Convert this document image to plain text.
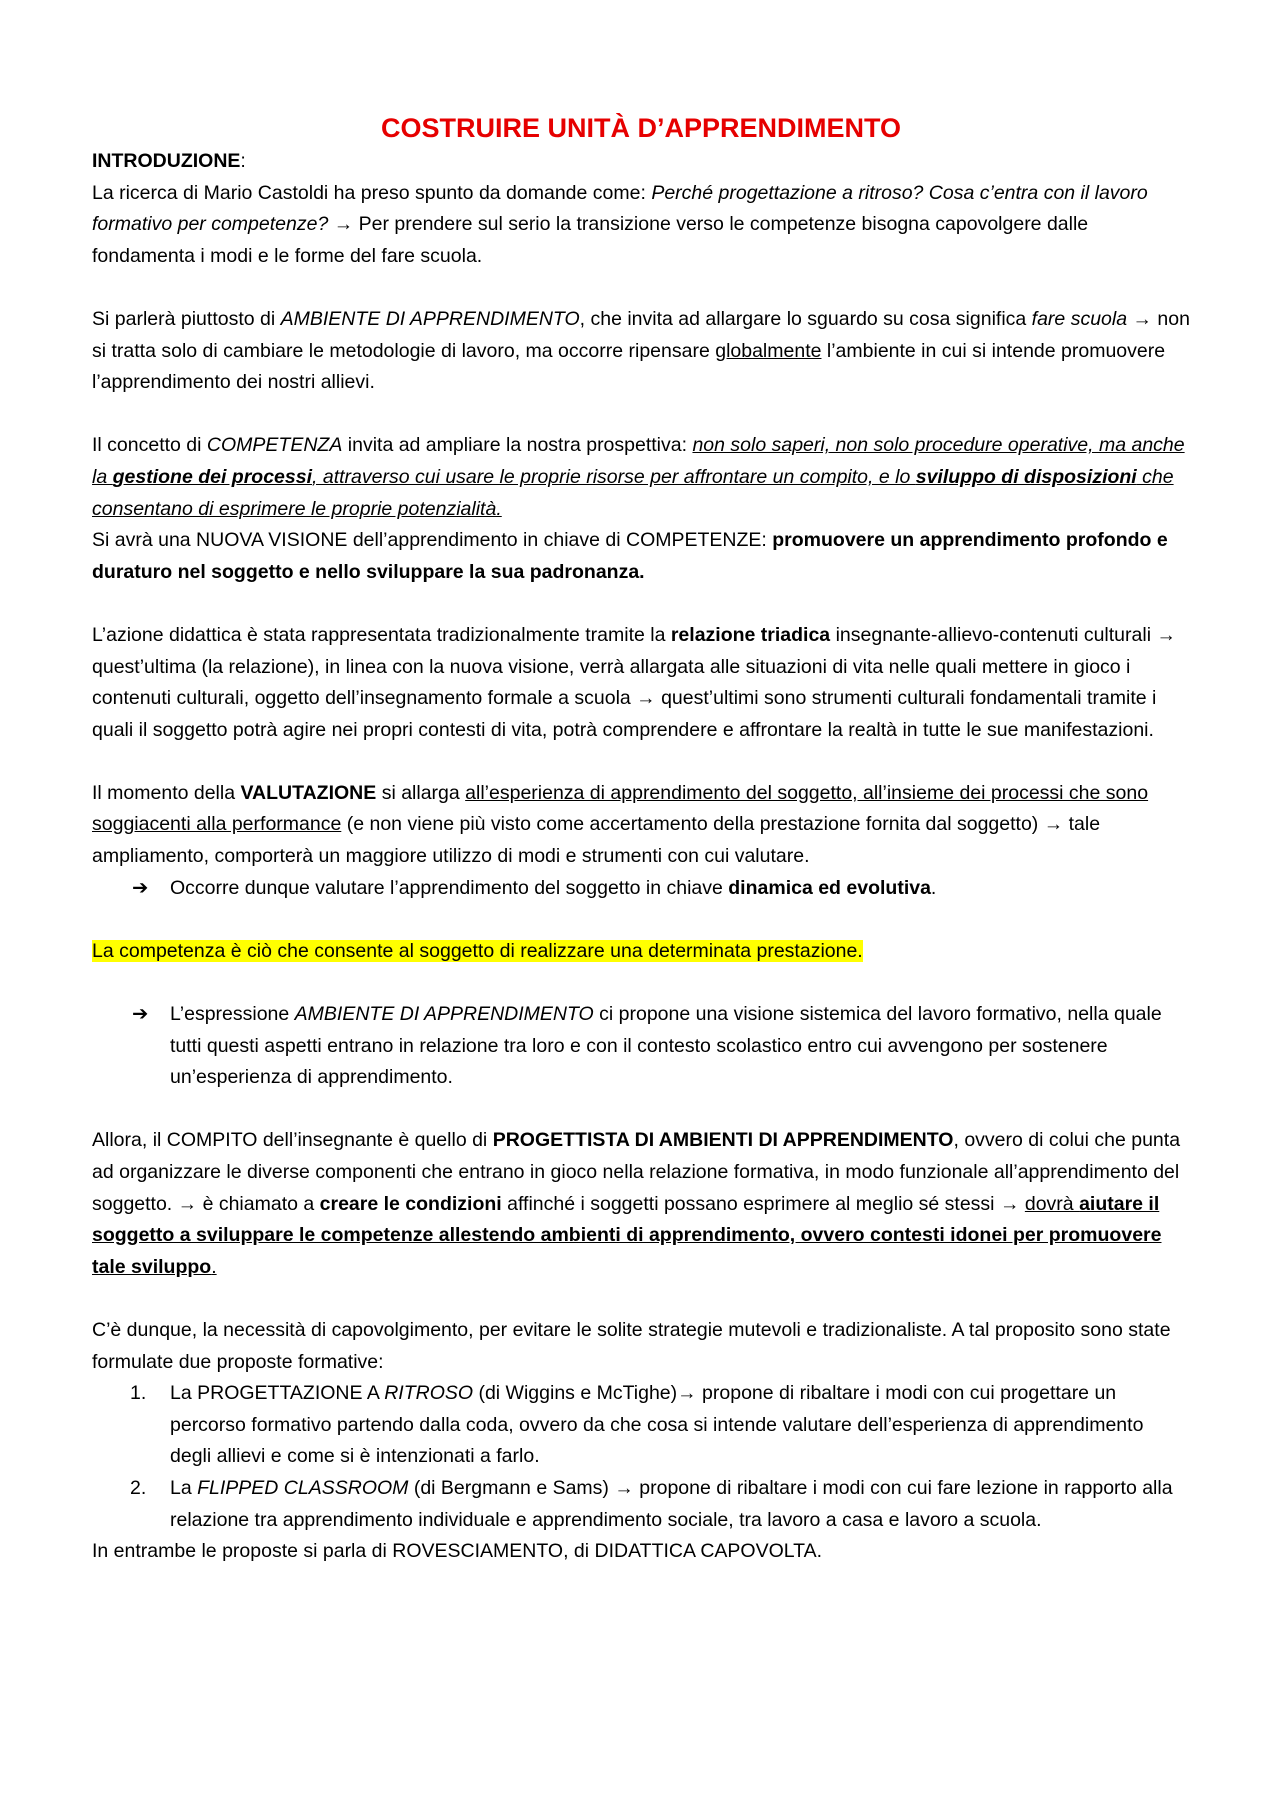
COSTRUIRE UNITÀ D’APPRENDIMENTO

INTRODUZIONE:

La ricerca di Mario Castoldi ha preso spunto da domande come: Perché progettazione a ritroso? Cosa c’entra con il lavoro formativo per competenze? → Per prendere sul serio la transizione verso le competenze bisogna capovolgere dalle fondamenta i modi e le forme del fare scuola.

Si parlerà piuttosto di AMBIENTE DI APPRENDIMENTO, che invita ad allargare lo sguardo su cosa significa fare scuola → non si tratta solo di cambiare le metodologie di lavoro, ma occorre ripensare globalmente l’ambiente in cui si intende promuovere l’apprendimento dei nostri allievi.

Il concetto di COMPETENZA invita ad ampliare la nostra prospettiva: non solo saperi, non solo procedure operative, ma anche la gestione dei processi, attraverso cui usare le proprie risorse per affrontare un compito, e lo sviluppo di disposizioni che consentano di esprimere le proprie potenzialità.

Si avrà una NUOVA VISIONE dell’apprendimento in chiave di COMPETENZE: promuovere un apprendimento profondo e duraturo nel soggetto e nello sviluppare la sua padronanza.

L’azione didattica è stata rappresentata tradizionalmente tramite la relazione triadica insegnante-allievo-contenuti culturali → quest’ultima (la relazione), in linea con la nuova visione, verrà allargata alle situazioni di vita nelle quali mettere in gioco i contenuti culturali, oggetto dell’insegnamento formale a scuola → quest’ultimi sono strumenti culturali fondamentali tramite i quali il soggetto potrà agire nei propri contesti di vita, potrà comprendere e affrontare la realtà in tutte le sue manifestazioni.

Il momento della VALUTAZIONE si allarga all’esperienza di apprendimento del soggetto, all’insieme dei processi che sono soggiacenti alla performance (e non viene più visto come accertamento della prestazione fornita dal soggetto) → tale ampliamento, comporterà un maggiore utilizzo di modi e strumenti con cui valutare.

➔ Occorre dunque valutare l’apprendimento del soggetto in chiave dinamica ed evolutiva.

La competenza è ciò che consente al soggetto di realizzare una determinata prestazione.

➔ L’espressione AMBIENTE DI APPRENDIMENTO ci propone una visione sistemica del lavoro formativo, nella quale tutti questi aspetti entrano in relazione tra loro e con il contesto scolastico entro cui avvengono per sostenere un’esperienza di apprendimento.

Allora, il COMPITO dell’insegnante è quello di PROGETTISTA DI AMBIENTI DI APPRENDIMENTO, ovvero di colui che punta ad organizzare le diverse componenti che entrano in gioco nella relazione formativa, in modo funzionale all’apprendimento del soggetto. → è chiamato a creare le condizioni affinché i soggetti possano esprimere al meglio sé stessi → dovrà aiutare il soggetto a sviluppare le competenze allestendo ambienti di apprendimento, ovvero contesti idonei per promuovere tale sviluppo.

C’è dunque, la necessità di capovolgimento, per evitare le solite strategie mutevoli e tradizionaliste. A tal proposito sono state formulate due proposte formative:

1. La PROGETTAZIONE A RITROSO (di Wiggins e McTighe)→ propone di ribaltare i modi con cui progettare un percorso formativo partendo dalla coda, ovvero da che cosa si intende valutare dell’esperienza di apprendimento degli allievi e come si è intenzionati a farlo.
2. La FLIPPED CLASSROOM (di Bergmann e Sams) → propone di ribaltare i modi con cui fare lezione in rapporto alla relazione tra apprendimento individuale e apprendimento sociale, tra lavoro a casa e lavoro a scuola.

In entrambe le proposte si parla di ROVESCIAMENTO, di DIDATTICA CAPOVOLTA.
